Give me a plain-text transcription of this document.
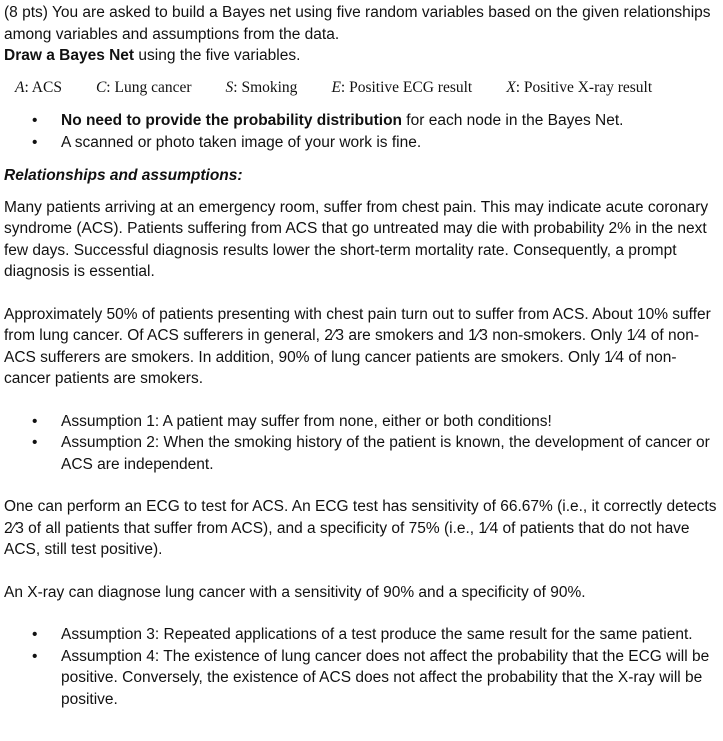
(8 pts) You are asked to build a Bayes net using five random variables based on the given relationships among variables and assumptions from the data.

Draw a Bayes Net using the five variables.

A: ACS C: Lung cancer S: Smoking E: Positive ECG result X: Positive X-ray result
• No need to provide the probability distribution for each node in the Bayes Net.
• A scanned or photo taken image of your work is fine.

Relationships and assumptions:

Many patients arriving at an emergency room, suffer from chest pain. This may indicate acute coronary syndrome (ACS). Patients suffering from ACS that go untreated may die with probability 2% in the next few days. Successful diagnosis results lower the short-term mortality rate. Consequently, a prompt diagnosis is essential.

Approximately 50% of patients presenting with chest pain turn out to suffer from ACS. About 10% suffer from lung cancer. Of ACS sufferers in general, 2⁄3 are smokers and 1⁄3 non-smokers. Only 1⁄4 of non-ACS sufferers are smokers. In addition, 90% of lung cancer patients are smokers. Only 1⁄4 of non-cancer patients are smokers.

• Assumption 1: A patient may suffer from none, either or both conditions!
• Assumption 2: When the smoking history of the patient is known, the development of cancer or ACS are independent.

One can perform an ECG to test for ACS. An ECG test has sensitivity of 66.67% (i.e., it correctly detects 2⁄3 of all patients that suffer from ACS), and a specificity of 75% (i.e., 1⁄4 of patients that do not have ACS, still test positive).

An X-ray can diagnose lung cancer with a sensitivity of 90% and a specificity of 90%.

• Assumption 3: Repeated applications of a test produce the same result for the same patient.
• Assumption 4: The existence of lung cancer does not affect the probability that the ECG will be positive. Conversely, the existence of ACS does not affect the probability that the X-ray will be positive.
